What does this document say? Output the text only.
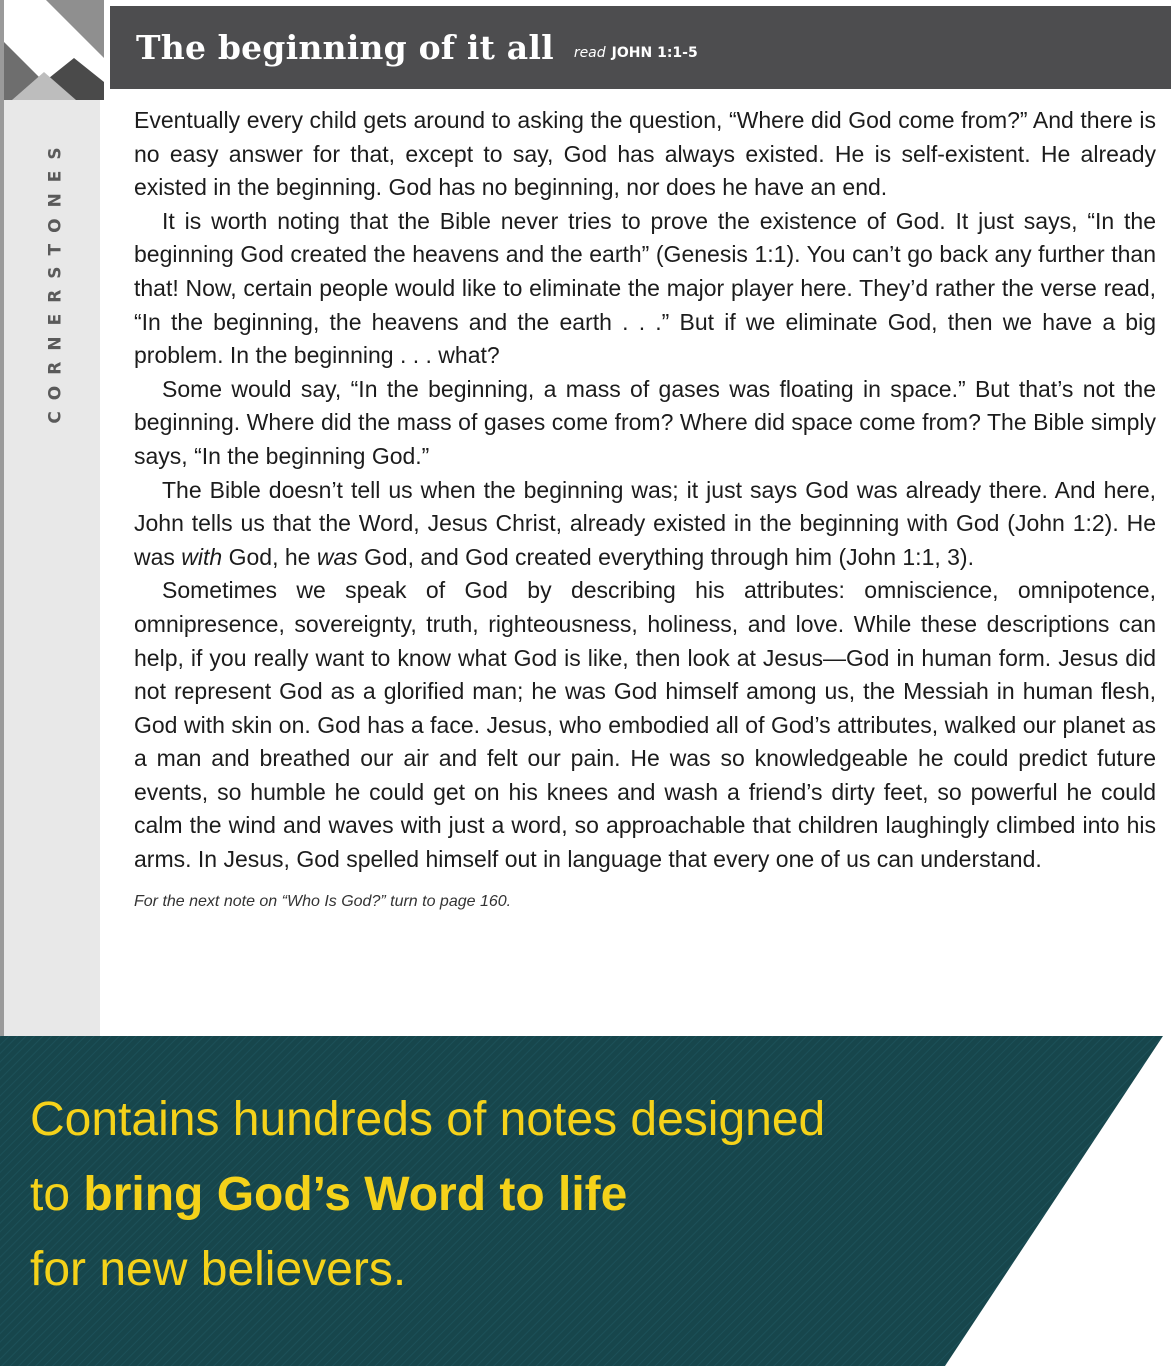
CORNERSTONES
The beginning of it all read JOHN 1:1-5

Eventually every child gets around to asking the question, “Where did God come from?” And there is no easy answer for that, except to say, God has always existed. He is self-existent. He already existed in the beginning. God has no beginning, nor does he have an end.

It is worth noting that the Bible never tries to prove the existence of God. It just says, “In the beginning God created the heavens and the earth” (Genesis 1:1). You can’t go back any further than that! Now, certain people would like to eliminate the major player here. They’d rather the verse read, “In the beginning, the heavens and the earth . . .” But if we eliminate God, then we have a big problem. In the beginning . . . what?

Some would say, “In the beginning, a mass of gases was floating in space.” But that’s not the beginning. Where did the mass of gases come from? Where did space come from? The Bible simply says, “In the beginning God.”

The Bible doesn’t tell us when the beginning was; it just says God was already there. And here, John tells us that the Word, Jesus Christ, already existed in the beginning with God (John 1:2). He was with God, he was God, and God created everything through him (John 1:1, 3).

Sometimes we speak of God by describing his attributes: omniscience, omnipotence, omnipresence, sovereignty, truth, righteousness, holiness, and love. While these descriptions can help, if you really want to know what God is like, then look at Jesus—God in human form. Jesus did not represent God as a glorified man; he was God himself among us, the Messiah in human flesh, God with skin on. God has a face. Jesus, who embodied all of God’s attributes, walked our planet as a man and breathed our air and felt our pain. He was so knowledgeable he could predict future events, so humble he could get on his knees and wash a friend’s dirty feet, so powerful he could calm the wind and waves with just a word, so approachable that children laughingly climbed into his arms. In Jesus, God spelled himself out in language that every one of us can understand.

For the next note on “Who Is God?” turn to page 160.
Contains hundreds of notes designed
to bring God’s Word to life
for new believers.
